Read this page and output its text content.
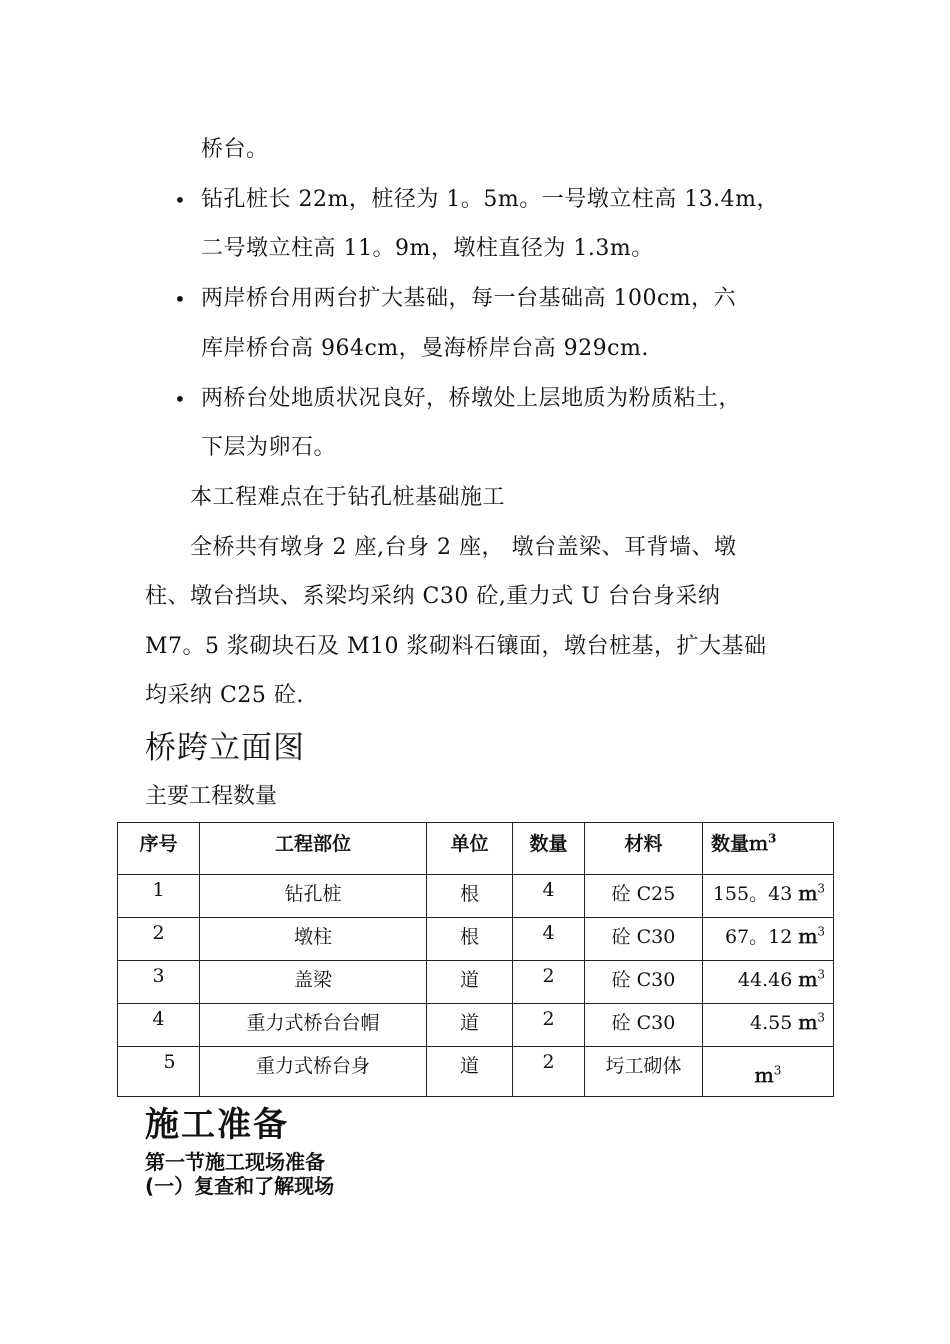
桥台。
• 钻孔桩长 22m，桩径为 1。5m。一号墩立柱高 13.4m，
二号墩立柱高 11。9m，墩柱直径为 1.3m。
• 两岸桥台用两台扩大基础，每一台基础高 100cm，六
库岸桥台高 964cm，曼海桥岸台高 929cm.
• 两桥台处地质状况良好，桥墩处上层地质为粉质粘土，
下层为卵石。
本工程难点在于钻孔桩基础施工
全桥共有墩身 2 座,台身 2 座， 墩台盖梁、耳背墙、墩
柱、墩台挡块、系梁均采纳 C30 砼,重力式 U 台台身采纳
M7。5 浆砌块石及 M10 浆砌料石镶面，墩台桩基，扩大基础
均采纳 C25 砼.
桥跨立面图
主要工程数量
序号	工程部位	单位	数量	材料	数量ｍ$^3$
1	钻孔桩	根	4	砼 C25	155。43 ｍ$^3$
2	墩柱	根	4	砼 C30	67。12 ｍ$^3$
3	盖梁	道	2	砼 C30	44.46 ｍ$^3$
4	重力式桥台台帽	道	2	砼 C30	4.55 ｍ$^3$
5	重力式桥台身	道	2	圬工砌体	ｍ$^3$
施工准备
第一节施工现场准备
(一）复查和了解现场
